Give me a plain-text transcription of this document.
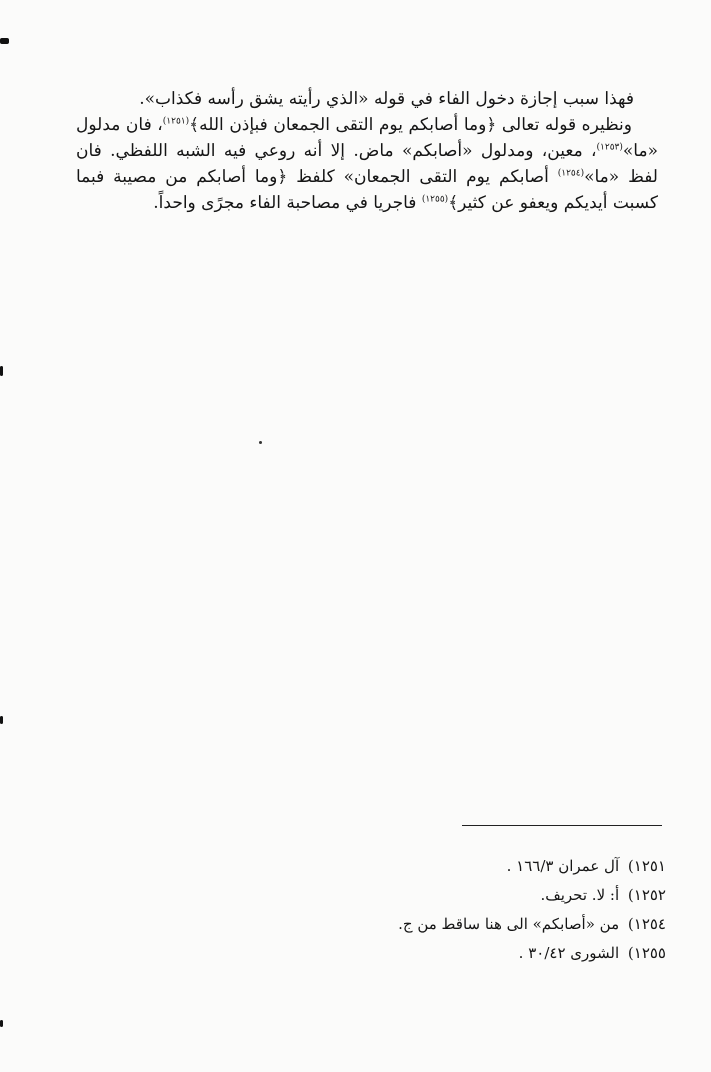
فهذا سبب إجازة دخول الفاء في قوله «الذي رأيته يشق رأسه فكذاب».

ونظيره قوله تعالى ﴿وما أصابكم يوم التقى الجمعان فبإذن الله﴾$^{(١٢٥١)}$، فان مدلول «ما»$^{(١٢٥٣)}$، معين، ومدلول «أصابكم» ماض. إلا أنه روعي فيه الشبه اللفظي. فان لفظ «ما»$^{(١٢٥٤)}$ أصابكم يوم التقى الجمعان» كلفظ ﴿وما أصابكم من مصيبة فبما كسبت أيديكم ويعفو عن كثير﴾$^{(١٢٥٥)}$ فاجريا في مصاحبة الفاء مجرًى واحداً.

١٢٥١) آل عمران ١٦٦/٣ .
١٢٥٢) أ: لا. تحريف.
١٢٥٤) من «أصابكم» الى هنا ساقط من ج.
١٢٥٥) الشورى ٣٠/٤٢ .
